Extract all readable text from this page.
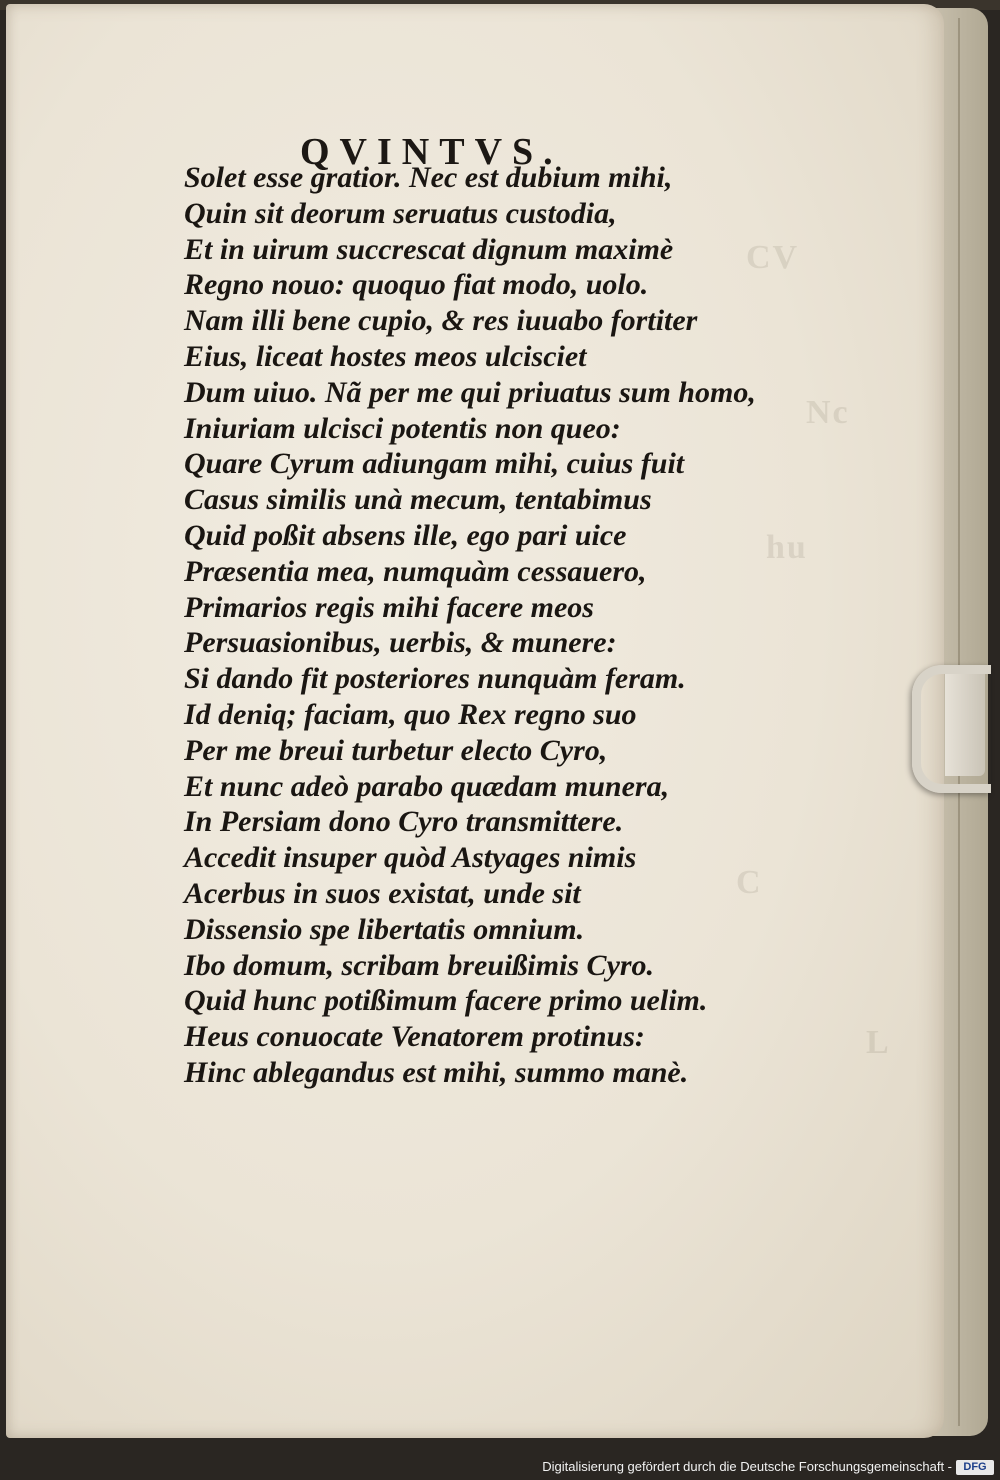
CV
Nc
hu
C
L
QVINTVS.
Solet esse gratior. Nec est dubium mihi,
Quin sit deorum seruatus custodia,
Et in uirum succrescat dignum maximè
Regno nouo: quoquo fiat modo, uolo.
Nam illi bene cupio, & res iuuabo fortiter
Eius, liceat hostes meos ulcisciet
Dum uiuo. Nã per me qui priuatus sum homo,
Iniuriam ulcisci potentis non queo:
Quare Cyrum adiungam mihi, cuius fuit
Casus similis unà mecum, tentabimus
Quid poßit absens ille, ego pari uice
Præsentia mea, numquàm cessauero,
Primarios regis mihi facere meos
Persuasionibus, uerbis, & munere:
Si dando fit posteriores nunquàm feram.
Id deniq; faciam, quo Rex regno suo
Per me breui turbetur electo Cyro,
Et nunc adeò parabo quædam munera,
In Persiam dono Cyro transmittere.
Accedit insuper quòd Astyages nimis
Acerbus in suos existat, unde sit
Dissensio spe libertatis omnium.
Ibo domum, scribam breuißimis Cyro.
Quid hunc potißimum facere primo uelim.
Heus conuocate Venatorem protinus:
Hinc ablegandus est mihi, summo manè.
Digitalisierung gefördert durch die Deutsche Forschungsgemeinschaft -	DFG
